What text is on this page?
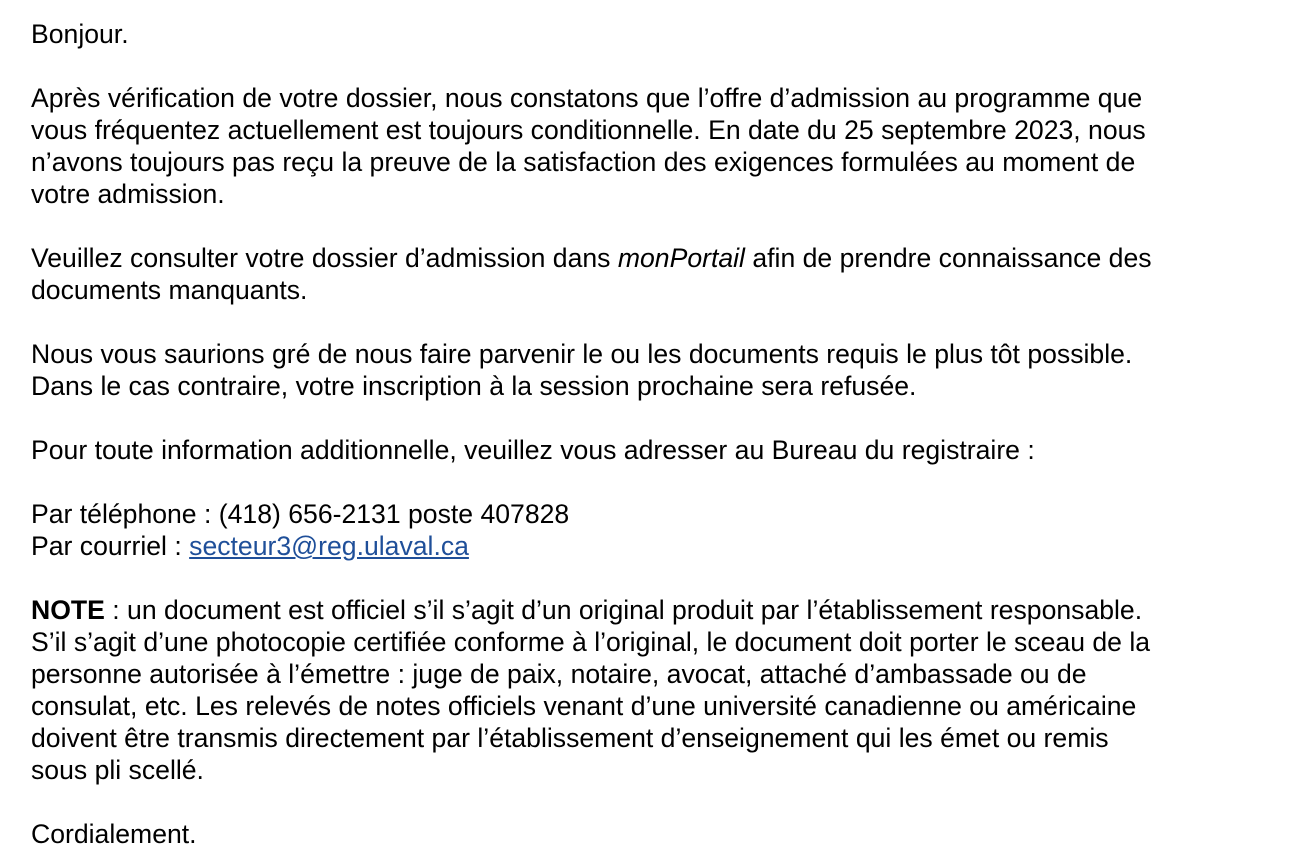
Bonjour.

Après vérification de votre dossier, nous constatons que l’offre d’admission au programme que
vous fréquentez actuellement est toujours conditionnelle. En date du 25 septembre 2023, nous
n’avons toujours pas reçu la preuve de la satisfaction des exigences formulées au moment de
votre admission.

Veuillez consulter votre dossier d’admission dans monPortail afin de prendre connaissance des
documents manquants.

Nous vous saurions gré de nous faire parvenir le ou les documents requis le plus tôt possible.
Dans le cas contraire, votre inscription à la session prochaine sera refusée.

Pour toute information additionnelle, veuillez vous adresser au Bureau du registraire :

Par téléphone : (418) 656-2131 poste 407828
Par courriel : secteur3@reg.ulaval.ca

NOTE : un document est officiel s’il s’agit d’un original produit par l’établissement responsable.
S’il s’agit d’une photocopie certifiée conforme à l’original, le document doit porter le sceau de la
personne autorisée à l’émettre : juge de paix, notaire, avocat, attaché d’ambassade ou de
consulat, etc. Les relevés de notes officiels venant d’une université canadienne ou américaine
doivent être transmis directement par l’établissement d’enseignement qui les émet ou remis
sous pli scellé.

Cordialement.
